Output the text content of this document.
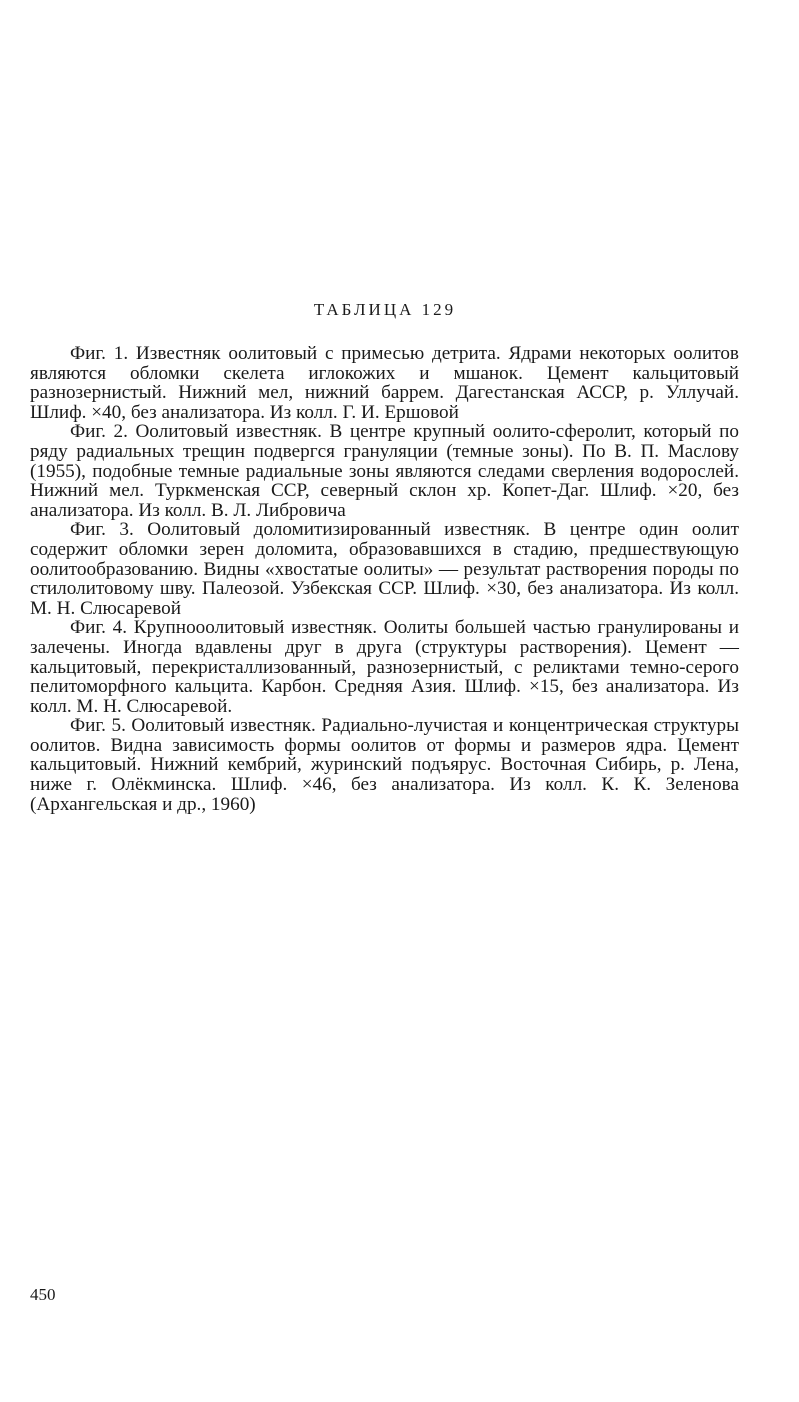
ТАБЛИЦА 129

Фиг. 1. Известняк оолитовый с примесью детрита. Ядрами некоторых оолитов являются обломки скелета иглокожих и мшанок. Цемент кальцитовый разнозернистый. Нижний мел, нижний баррем. Дагестанская АССР, р. Уллучай. Шлиф. ×40, без анализатора. Из колл. Г. И. Ершовой

Фиг. 2. Оолитовый известняк. В центре крупный оолито-сферолит, который по ряду радиальных трещин подвергся грануляции (темные зоны). По В. П. Маслову (1955), подобные темные радиальные зоны являются следами сверления водорослей. Нижний мел. Туркменская ССР, северный склон хр. Копет-Даг. Шлиф. ×20, без анализатора. Из колл. В. Л. Либровича

Фиг. 3. Оолитовый доломитизированный известняк. В центре один оолит содержит обломки зерен доломита, образовавшихся в стадию, предшествующую оолитообразованию. Видны «хвостатые оолиты» — результат растворения породы по стилолитовому шву. Палеозой. Узбекская ССР. Шлиф. ×30, без анализатора. Из колл. М. Н. Слюсаревой

Фиг. 4. Крупнооолитовый известняк. Оолиты большей частью гранулированы и залечены. Иногда вдавлены друг в друга (структуры растворения). Цемент — кальцитовый, перекристаллизованный, разнозернистый, с реликтами темно-серого пелитоморфного кальцита. Карбон. Средняя Азия. Шлиф. ×15, без анализатора. Из колл. М. Н. Слюсаревой.

Фиг. 5. Оолитовый известняк. Радиально-лучистая и концентрическая структуры оолитов. Видна зависимость формы оолитов от формы и размеров ядра. Цемент кальцитовый. Нижний кембрий, журинский подъярус. Восточная Сибирь, р. Лена, ниже г. Олёкминска. Шлиф. ×46, без анализатора. Из колл. К. К. Зеленова (Архангельская и др., 1960)

450
